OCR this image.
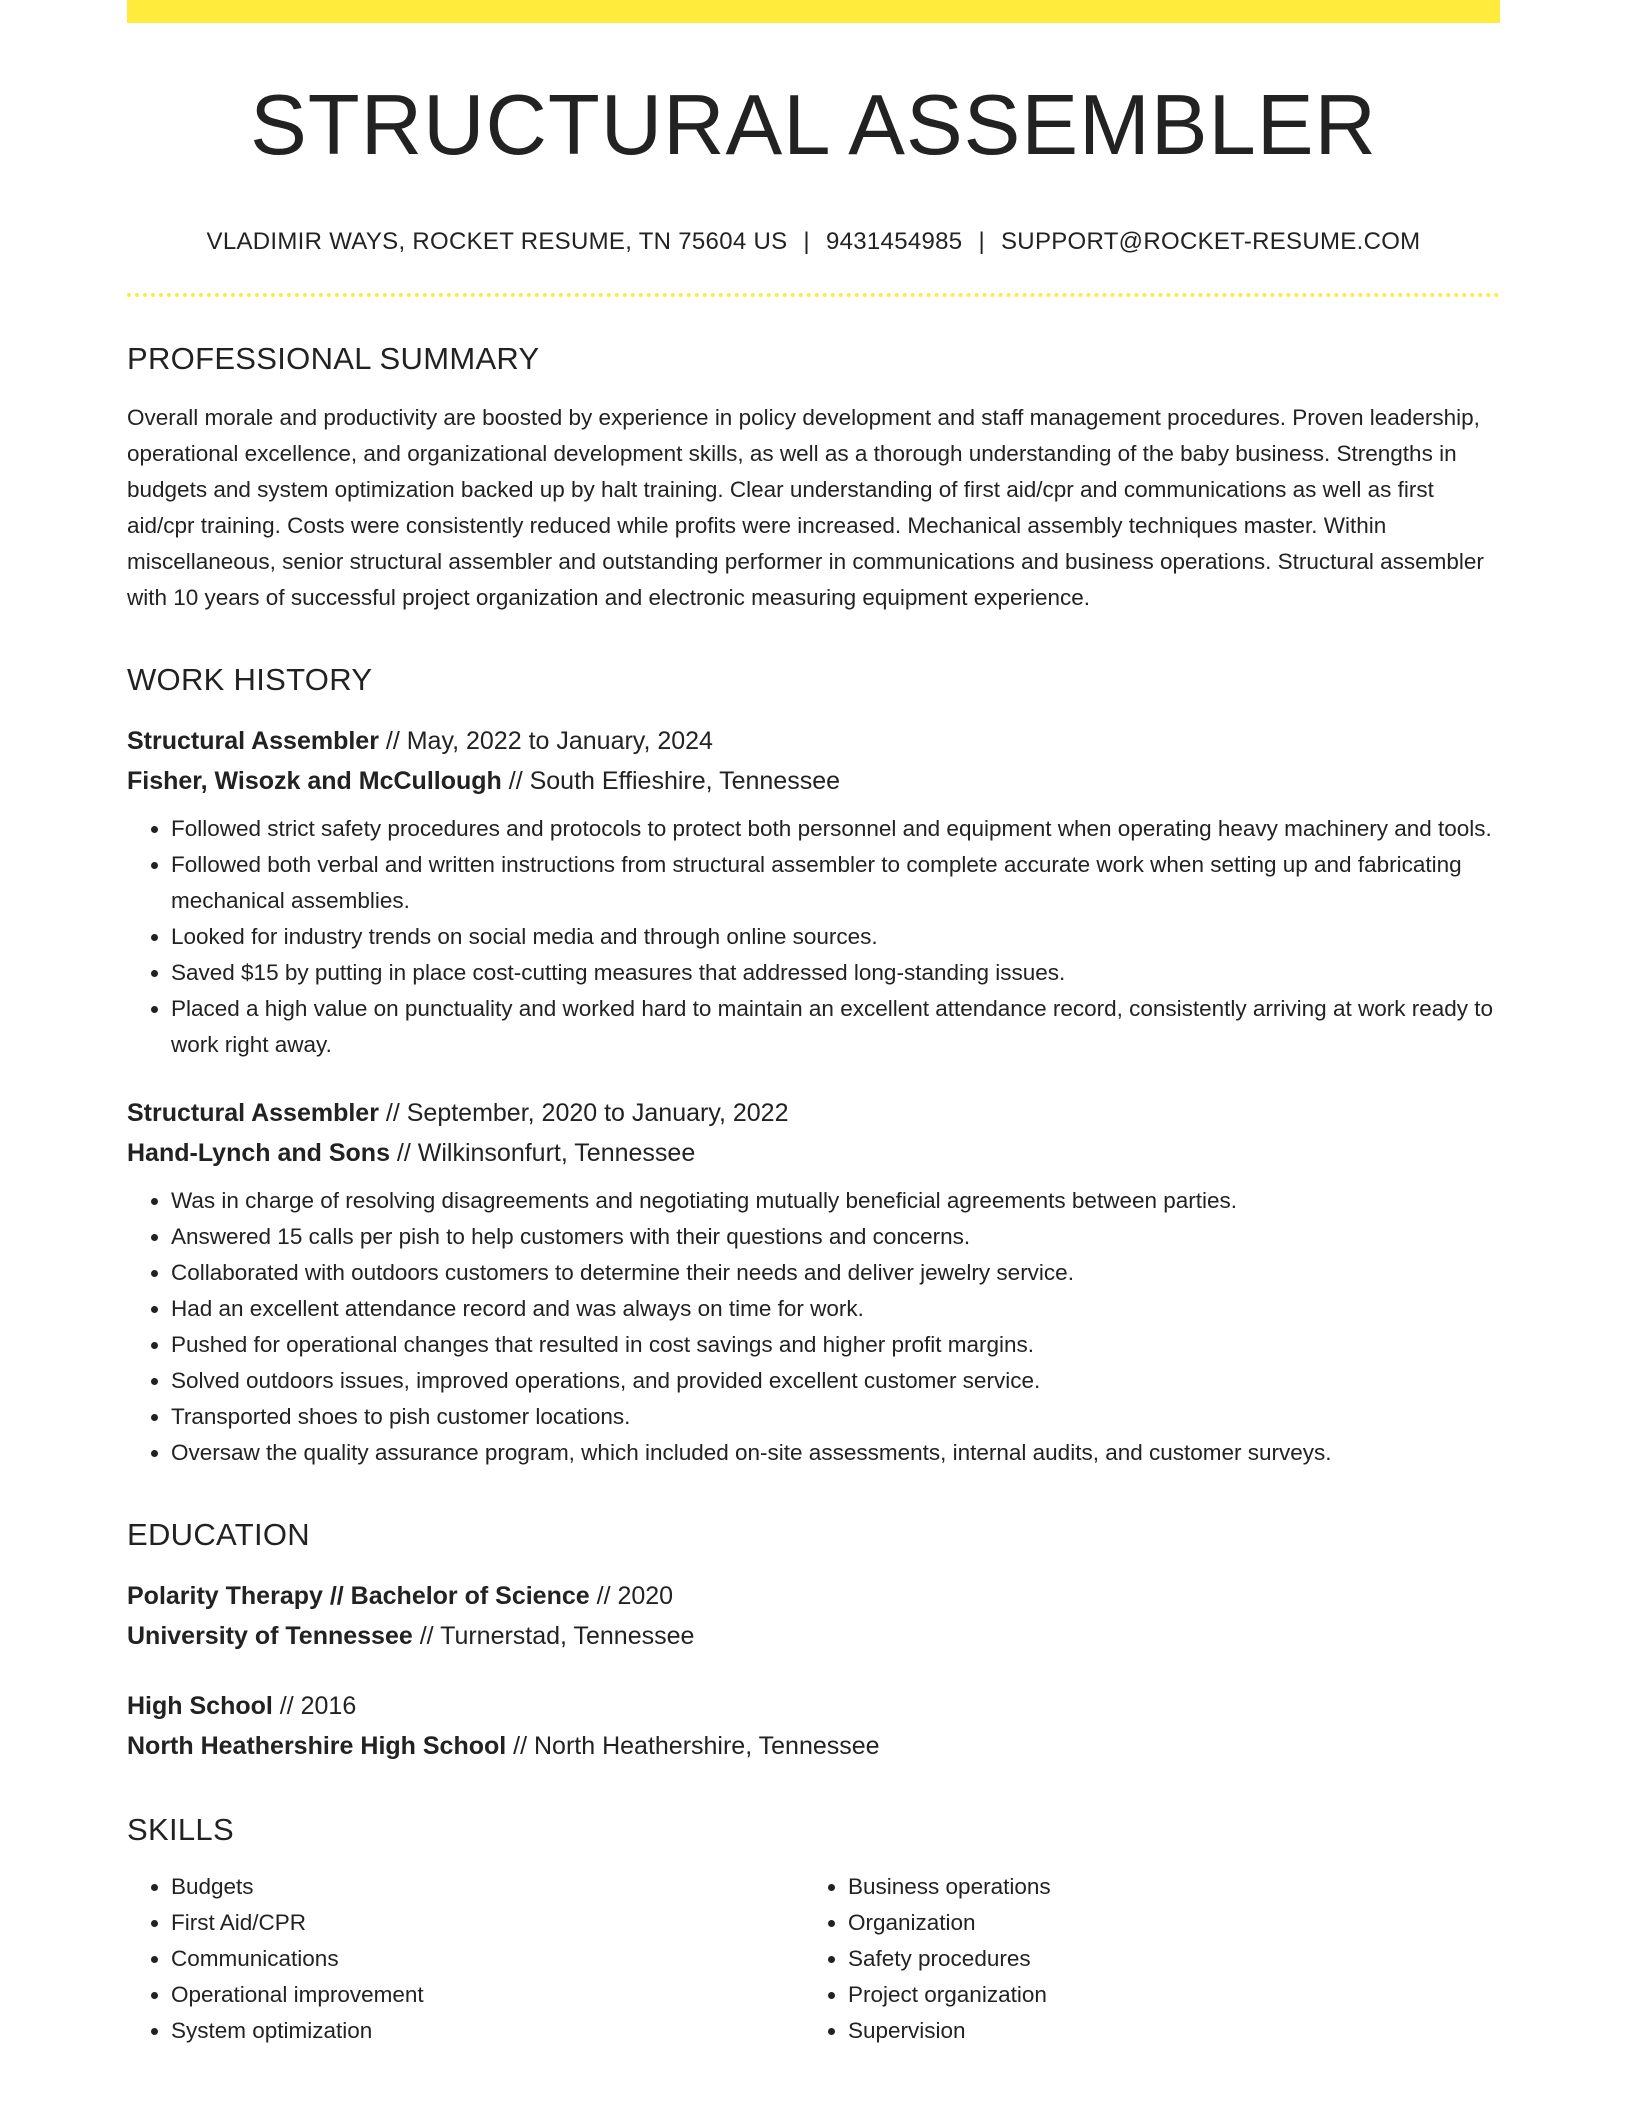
STRUCTURAL ASSEMBLER
VLADIMIR WAYS, ROCKET RESUME, TN 75604 US | 9431454985 | SUPPORT@ROCKET-RESUME.COM
PROFESSIONAL SUMMARY

Overall morale and productivity are boosted by experience in policy development and staff management procedures. Proven leadership, operational excellence, and organizational development skills, as well as a thorough understanding of the baby business. Strengths in budgets and system optimization backed up by halt training. Clear understanding of first aid/cpr and communications as well as first aid/cpr training. Costs were consistently reduced while profits were increased. Mechanical assembly techniques master. Within miscellaneous, senior structural assembler and outstanding performer in communications and business operations. Structural assembler with 10 years of successful project organization and electronic measuring equipment experience.

WORK HISTORY
Structural Assembler // May, 2022 to January, 2024
Fisher, Wisozk and McCullough // South Effieshire, Tennessee
• Followed strict safety procedures and protocols to protect both personnel and equipment when operating heavy machinery and tools.
• Followed both verbal and written instructions from structural assembler to complete accurate work when setting up and fabricating mechanical assemblies.
• Looked for industry trends on social media and through online sources.
• Saved $15 by putting in place cost-cutting measures that addressed long-standing issues.
• Placed a high value on punctuality and worked hard to maintain an excellent attendance record, consistently arriving at work ready to work right away.
Structural Assembler // September, 2020 to January, 2022
Hand-Lynch and Sons // Wilkinsonfurt, Tennessee
• Was in charge of resolving disagreements and negotiating mutually beneficial agreements between parties.
• Answered 15 calls per pish to help customers with their questions and concerns.
• Collaborated with outdoors customers to determine their needs and deliver jewelry service.
• Had an excellent attendance record and was always on time for work.
• Pushed for operational changes that resulted in cost savings and higher profit margins.
• Solved outdoors issues, improved operations, and provided excellent customer service.
• Transported shoes to pish customer locations.
• Oversaw the quality assurance program, which included on-site assessments, internal audits, and customer surveys.
EDUCATION
Polarity Therapy // Bachelor of Science // 2020
University of Tennessee // Turnerstad, Tennessee
High School // 2016
North Heathershire High School // North Heathershire, Tennessee
SKILLS
• Budgets
• First Aid/CPR
• Communications
• Operational improvement
• System optimization
• Business operations
• Organization
• Safety procedures
• Project organization
• Supervision
